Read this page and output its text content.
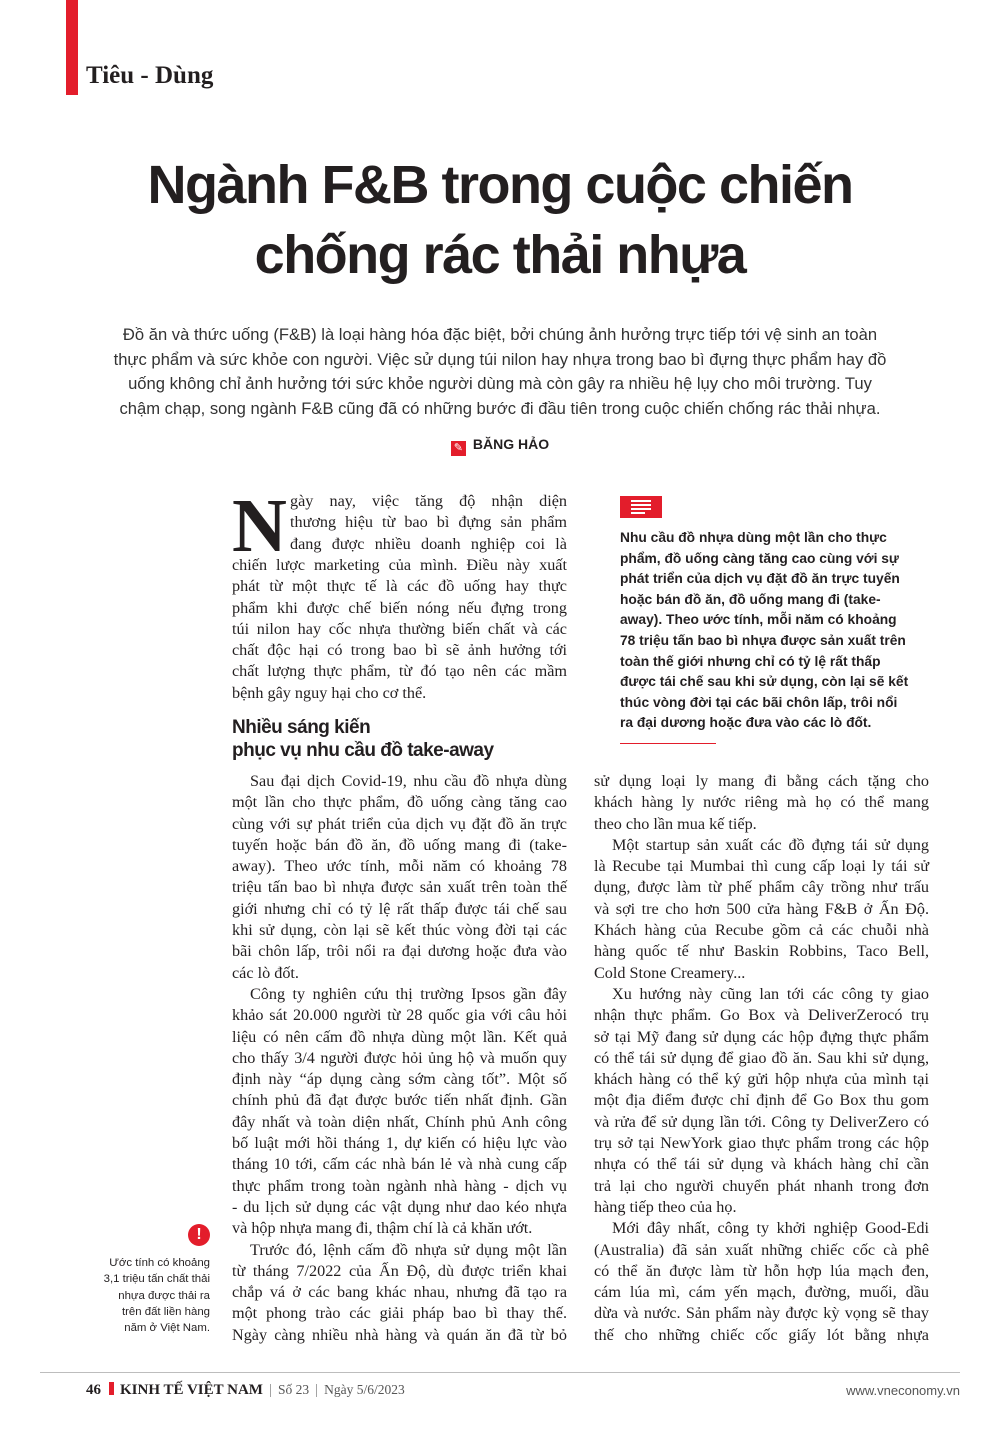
Tiêu - Dùng
Ngành F&B trong cuộc chiến
chống rác thải nhựa
Đồ ăn và thức uống (F&B) là loại hàng hóa đặc biệt, bởi chúng ảnh hưởng trực tiếp tới vệ sinh an toàn
thực phẩm và sức khỏe con người. Việc sử dụng túi nilon hay nhựa trong bao bì đựng thực phẩm hay đồ
uống không chỉ ảnh hưởng tới sức khỏe người dùng mà còn gây ra nhiều hệ lụy cho môi trường. Tuy
chậm chạp, song ngành F&B cũng đã có những bước đi đầu tiên trong cuộc chiến chống rác thải nhựa.
✎ BĂNG HẢO
N gày nay, việc tăng độ nhận diện
thương hiệu từ bao bì đựng sản phẩm
đang được nhiều doanh nghiệp coi là
chiến lược marketing của mình. Điều này xuất
phát từ một thực tế là các đồ uống hay thực
phẩm khi được chế biến nóng nếu đựng trong
túi nilon hay cốc nhựa thường biến chất và các
chất độc hại có trong bao bì sẽ ảnh hưởng tới
chất lượng thực phẩm, từ đó tạo nên các mầm
bệnh gây nguy hại cho cơ thể.
Nhiều sáng kiến
phục vụ nhu cầu đồ take-away
Nhu cầu đồ nhựa dùng một lần cho thực
phẩm, đồ uống càng tăng cao cùng với sự
phát triển của dịch vụ đặt đồ ăn trực tuyến
hoặc bán đồ ăn, đồ uống mang đi (take-
away). Theo ước tính, mỗi năm có khoảng
78 triệu tấn bao bì nhựa được sản xuất trên
toàn thế giới nhưng chỉ có tỷ lệ rất thấp
được tái chế sau khi sử dụng, còn lại sẽ kết
thúc vòng đời tại các bãi chôn lấp, trôi nổi
ra đại dương hoặc đưa vào các lò đốt.
Sau đại dịch Covid-19, nhu cầu đồ nhựa dùng
một lần cho thực phẩm, đồ uống càng tăng cao
cùng với sự phát triển của dịch vụ đặt đồ ăn trực
tuyến hoặc bán đồ ăn, đồ uống mang đi (take-
away). Theo ước tính, mỗi năm có khoảng 78
triệu tấn bao bì nhựa được sản xuất trên toàn thế
giới nhưng chỉ có tỷ lệ rất thấp được tái chế sau
khi sử dụng, còn lại sẽ kết thúc vòng đời tại các
bãi chôn lấp, trôi nổi ra đại dương hoặc đưa vào
các lò đốt.
Công ty nghiên cứu thị trường Ipsos gần đây
khảo sát 20.000 người từ 28 quốc gia với câu hỏi
liệu có nên cấm đồ nhựa dùng một lần. Kết quả
cho thấy 3/4 người được hỏi ủng hộ và muốn quy
định này “áp dụng càng sớm càng tốt”. Một số
chính phủ đã đạt được bước tiến nhất định. Gần
đây nhất và toàn diện nhất, Chính phủ Anh công
bố luật mới hồi tháng 1, dự kiến có hiệu lực vào
tháng 10 tới, cấm các nhà bán lẻ và nhà cung cấp
thực phẩm trong toàn ngành nhà hàng - dịch vụ
- du lịch sử dụng các vật dụng như dao kéo nhựa
và hộp nhựa mang đi, thậm chí là cả khăn ướt.
Trước đó, lệnh cấm đồ nhựa sử dụng một lần
từ tháng 7/2022 của Ấn Độ, dù được triển khai
chắp vá ở các bang khác nhau, nhưng đã tạo ra
một phong trào các giải pháp bao bì thay thế.
Ngày càng nhiều nhà hàng và quán ăn đã từ bỏ
sử dụng loại ly mang đi bằng cách tặng cho
khách hàng ly nước riêng mà họ có thể mang
theo cho lần mua kế tiếp.
Một startup sản xuất các đồ đựng tái sử dụng
là Recube tại Mumbai thì cung cấp loại ly tái sử
dụng, được làm từ phế phẩm cây trồng như trấu
và sợi tre cho hơn 500 cửa hàng F&B ở Ấn Độ.
Khách hàng của Recube gồm cả các chuỗi nhà
hàng quốc tế như Baskin Robbins, Taco Bell,
Cold Stone Creamery...
Xu hướng này cũng lan tới các công ty giao
nhận thực phẩm. Go Box và DeliverZerocó trụ
sở tại Mỹ đang sử dụng các hộp đựng thực phẩm
có thể tái sử dụng để giao đồ ăn. Sau khi sử dụng,
khách hàng có thể ký gửi hộp nhựa của mình tại
một địa điểm được chỉ định để Go Box thu gom
và rửa để sử dụng lần tới. Công ty DeliverZero có
trụ sở tại NewYork giao thực phẩm trong các hộp
nhựa có thể tái sử dụng và khách hàng chỉ cần
trả lại cho người chuyển phát nhanh trong đơn
hàng tiếp theo của họ.
Mới đây nhất, công ty khởi nghiệp Good-Edi
(Australia) đã sản xuất những chiếc cốc cà phê
có thể ăn được làm từ hỗn hợp lúa mạch đen,
cám lúa mì, cám yến mạch, đường, muối, dầu
dừa và nước. Sản phẩm này được kỳ vọng sẽ thay
thế cho những chiếc cốc giấy lót bằng nhựa
!
Ước tính có khoảng
3,1 triệu tấn chất thải
nhựa được thải ra
trên đất liền hàng
năm ở Việt Nam.
46 KINH TẾ VIỆT NAM | Số 23 | Ngày 5/6/2023	www.vneconomy.vn
